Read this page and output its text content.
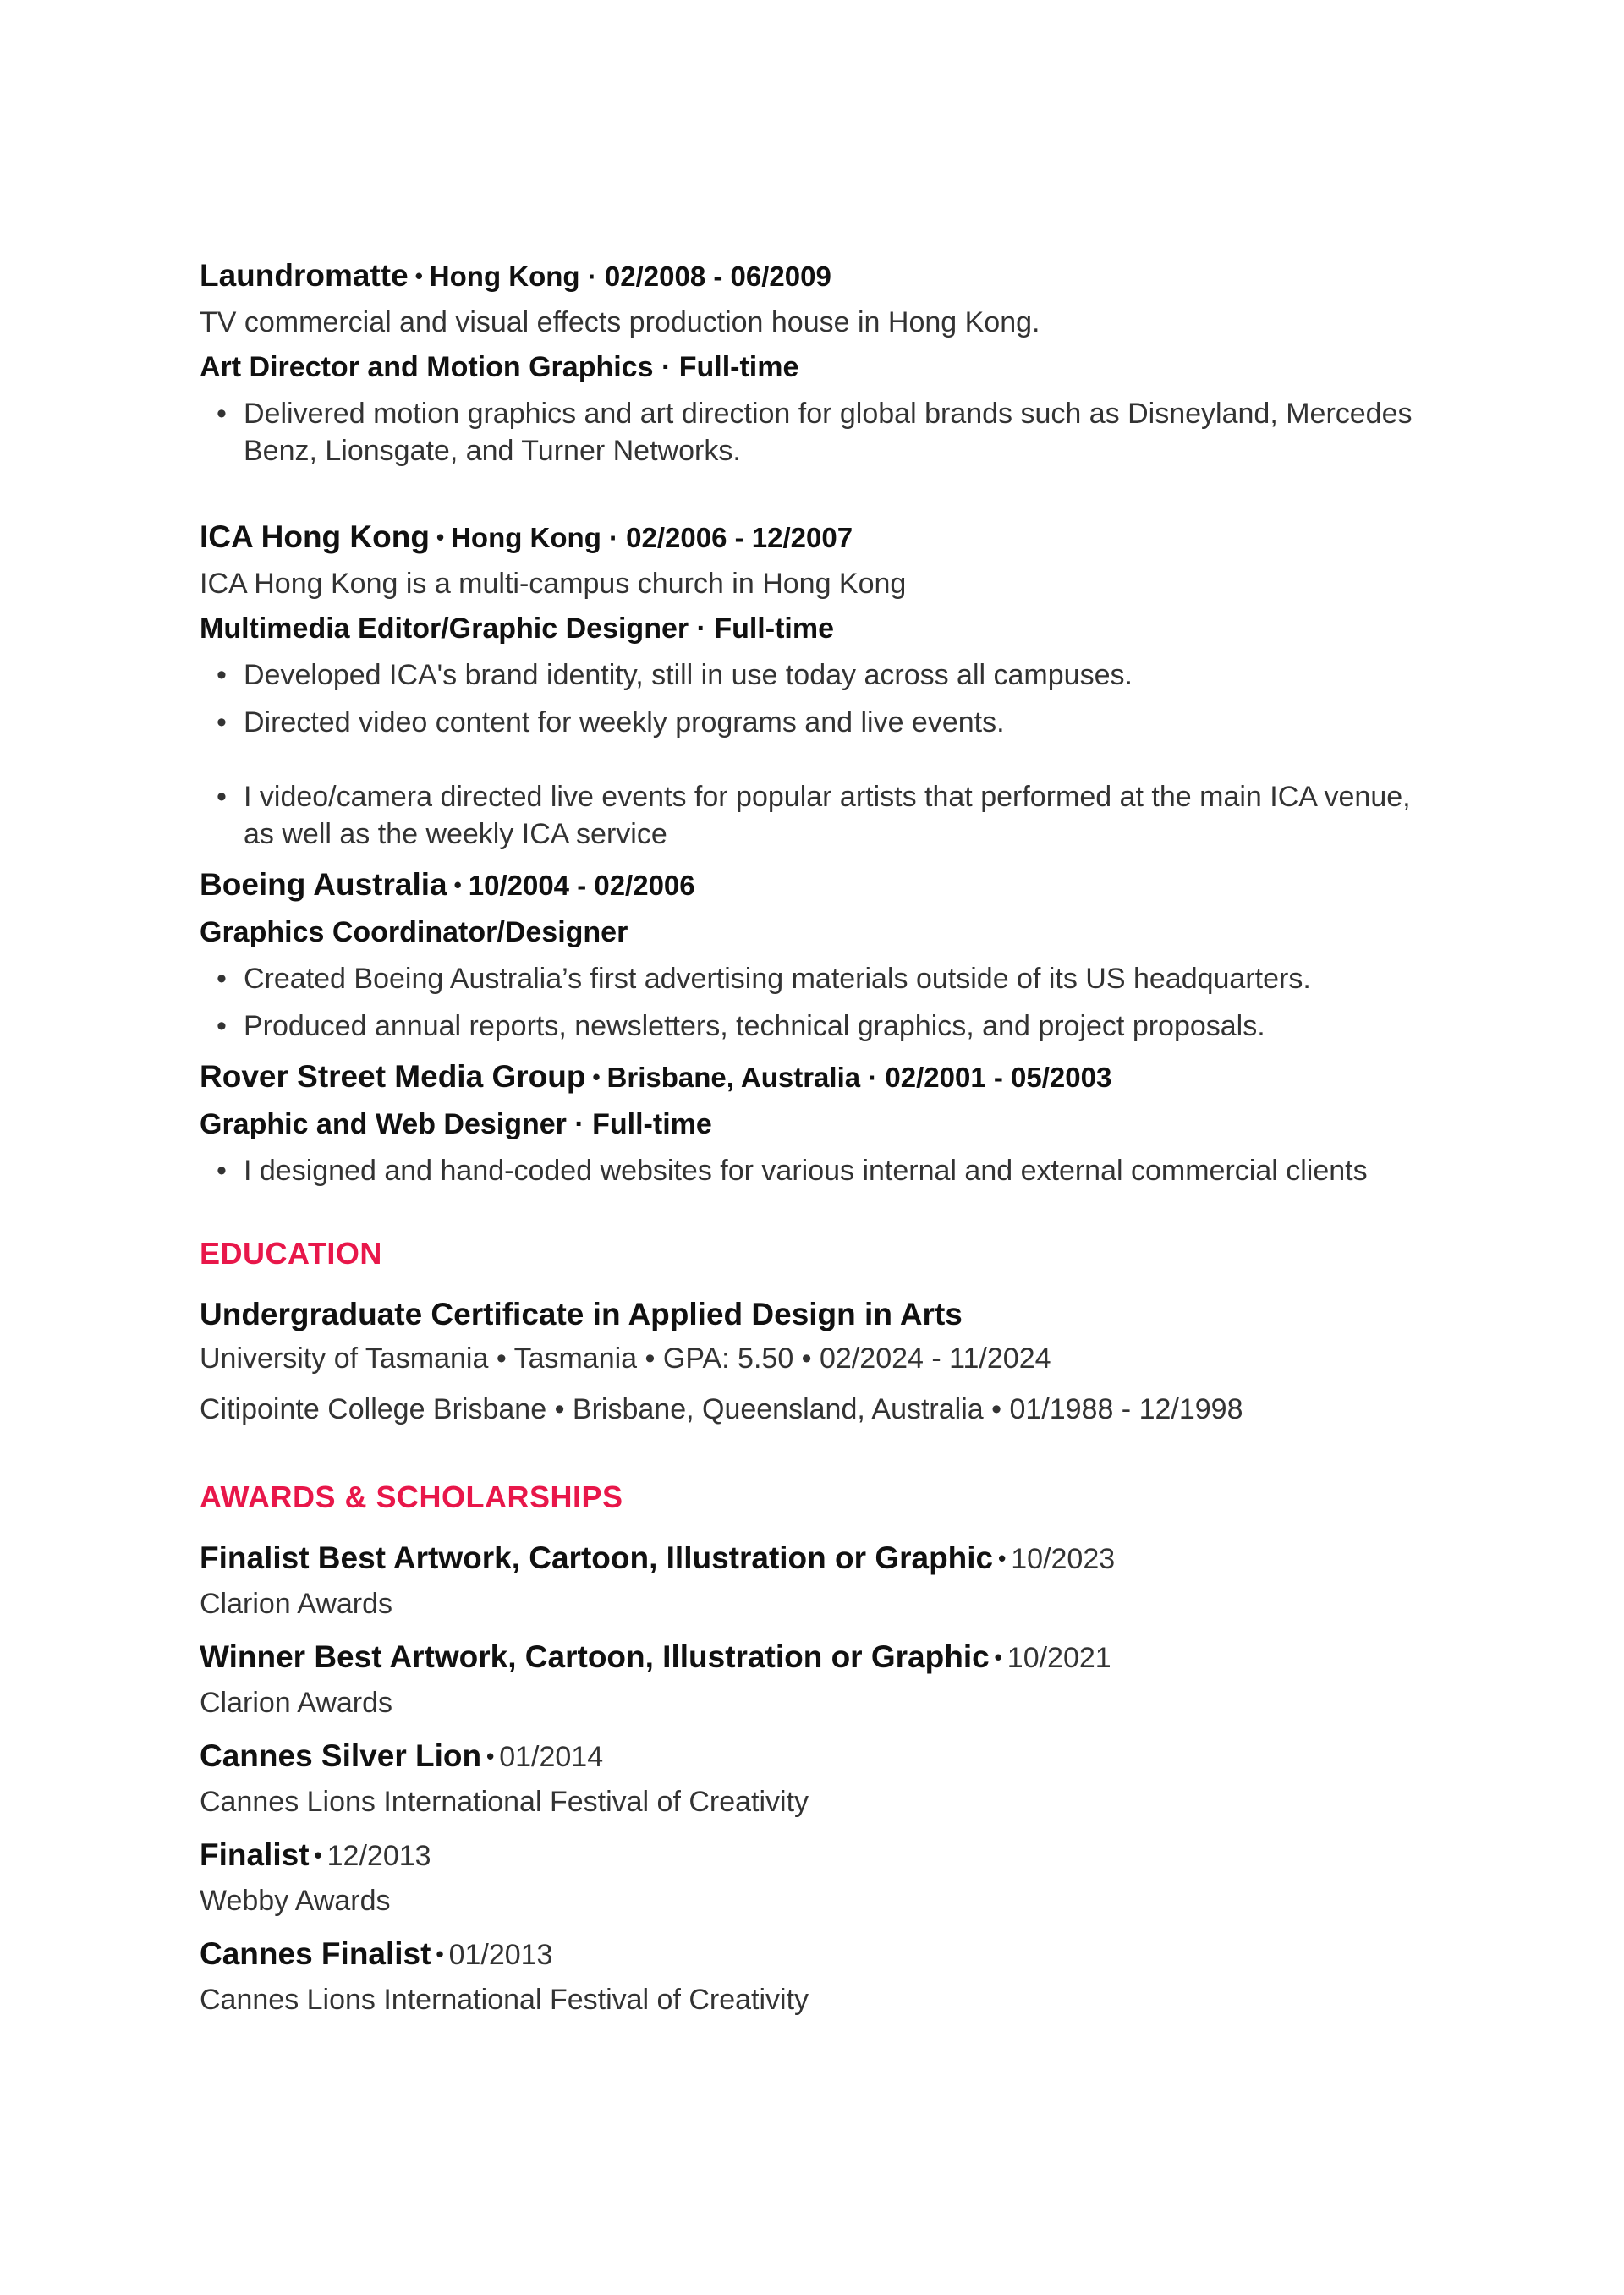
Laundromatte • Hong Kong · 02/2008 - 06/2009
TV commercial and visual effects production house in Hong Kong.
Art Director and Motion Graphics · Full-time
• Delivered motion graphics and art direction for global brands such as Disneyland, Mercedes Benz, Lionsgate, and Turner Networks.
ICA Hong Kong • Hong Kong · 02/2006 - 12/2007
ICA Hong Kong is a multi-campus church in Hong Kong
Multimedia Editor/Graphic Designer · Full-time
• Developed ICA's brand identity, still in use today across all campuses.
• Directed video content for weekly programs and live events.
• I video/camera directed live events for popular artists that performed at the main ICA venue, as well as the weekly ICA service
Boeing Australia • 10/2004 - 02/2006
Graphics Coordinator/Designer
• Created Boeing Australia’s first advertising materials outside of its US headquarters.
• Produced annual reports, newsletters, technical graphics, and project proposals.
Rover Street Media Group • Brisbane, Australia · 02/2001 - 05/2003
Graphic and Web Designer · Full-time
• I designed and hand-coded websites for various internal and external commercial clients
EDUCATION
Undergraduate Certificate in Applied Design in Arts
University of Tasmania • Tasmania • GPA: 5.50 • 02/2024 - 11/2024
Citipointe College Brisbane • Brisbane, Queensland, Australia • 01/1988 - 12/1998
AWARDS & SCHOLARSHIPS
Finalist Best Artwork, Cartoon, Illustration or Graphic • 10/2023
Clarion Awards
Winner Best Artwork, Cartoon, Illustration or Graphic • 10/2021
Clarion Awards
Cannes Silver Lion • 01/2014
Cannes Lions International Festival of Creativity
Finalist • 12/2013
Webby Awards
Cannes Finalist • 01/2013
Cannes Lions International Festival of Creativity
